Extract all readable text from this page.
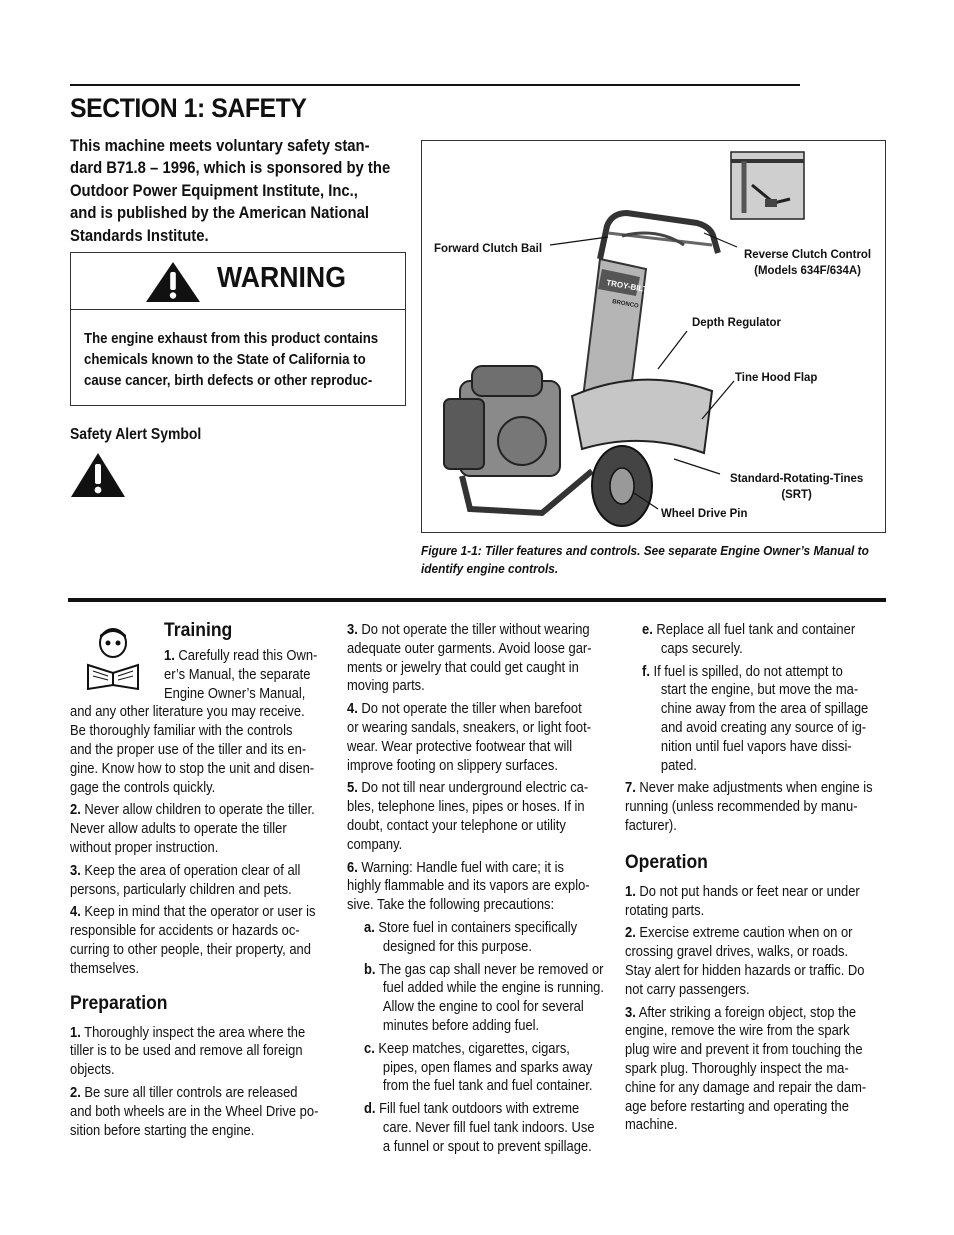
SECTION 1: SAFETY
This machine meets voluntary safety stan-
dard B71.8 – 1996, which is sponsored by the
Outdoor Power Equipment Institute, Inc.,
and is published by the American National
Standards Institute.
WARNING
The engine exhaust from this product contains
chemicals known to the State of California to
cause cancer, birth defects or other reproduc-
Safety Alert Symbol
TROY-BILT
BRONCO
Forward Clutch Bail	Reverse Clutch Control
(Models 634F/634A)
Depth Regulator
Tine Hood Flap
Standard-Rotating-Tines
(SRT)
Wheel Drive Pin
Figure 1-1: Tiller features and controls. See separate Engine Owner’s Manual to
identify engine controls.
Training
1. Carefully read this Own-
er’s Manual, the separate
Engine Owner’s Manual,
and any other literature you may receive.
Be thoroughly familiar with the controls
and the proper use of the tiller and its en-
gine. Know how to stop the unit and disen-
gage the controls quickly.
2. Never allow children to operate the tiller.
Never allow adults to operate the tiller
without proper instruction.
3. Keep the area of operation clear of all
persons, particularly children and pets.
4. Keep in mind that the operator or user is
responsible for accidents or hazards oc-
curring to other people, their property, and
themselves.
Preparation
1. Thoroughly inspect the area where the
tiller is to be used and remove all foreign
objects.
2. Be sure all tiller controls are released
and both wheels are in the Wheel Drive po-
sition before starting the engine.
3. Do not operate the tiller without wearing
adequate outer garments. Avoid loose gar-
ments or jewelry that could get caught in
moving parts.
4. Do not operate the tiller when barefoot
or wearing sandals, sneakers, or light foot-
wear. Wear protective footwear that will
improve footing on slippery surfaces.
5. Do not till near underground electric ca-
bles, telephone lines, pipes or hoses. If in
doubt, contact your telephone or utility
company.
6. Warning: Handle fuel with care; it is
highly flammable and its vapors are explo-
sive. Take the following precautions:
a. Store fuel in containers specifically
designed for this purpose.
b. The gas cap shall never be removed or
fuel added while the engine is running.
Allow the engine to cool for several
minutes before adding fuel.
c. Keep matches, cigarettes, cigars,
pipes, open flames and sparks away
from the fuel tank and fuel container.
d. Fill fuel tank outdoors with extreme
care. Never fill fuel tank indoors. Use
a funnel or spout to prevent spillage.
e. Replace all fuel tank and container
caps securely.
f. If fuel is spilled, do not attempt to
start the engine, but move the ma-
chine away from the area of spillage
and avoid creating any source of ig-
nition until fuel vapors have dissi-
pated.
7. Never make adjustments when engine is
running (unless recommended by manu-
facturer).
Operation
1. Do not put hands or feet near or under
rotating parts.
2. Exercise extreme caution when on or
crossing gravel drives, walks, or roads.
Stay alert for hidden hazards or traffic. Do
not carry passengers.
3. After striking a foreign object, stop the
engine, remove the wire from the spark
plug wire and prevent it from touching the
spark plug. Thoroughly inspect the ma-
chine for any damage and repair the dam-
age before restarting and operating the
machine.
